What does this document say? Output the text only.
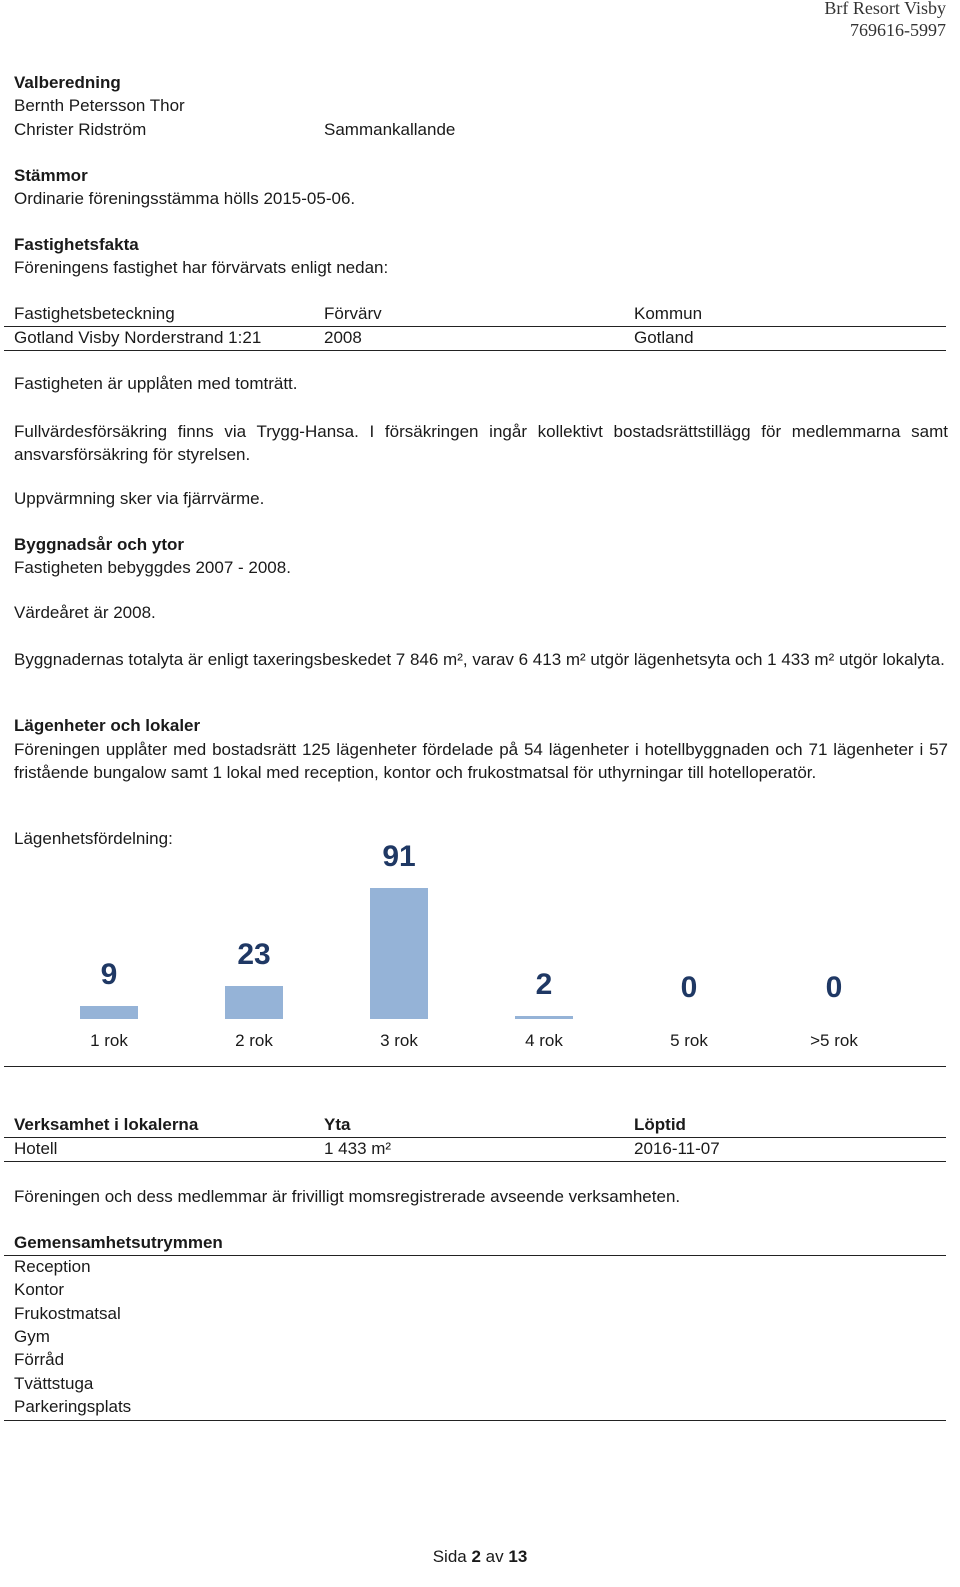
Brf Resort Visby
769616-5997
Valberedning
Bernth Petersson Thor
Christer Ridström	Sammankallande
Stämmor
Ordinarie föreningsstämma hölls 2015-05-06.
Fastighetsfakta
Föreningens fastighet har förvärvats enligt nedan:
Fastighetsbeteckning	Förvärv	Kommun
Gotland Visby Norderstrand 1:21	2008	Gotland
Fastigheten är upplåten med tomträtt.
Fullvärdesförsäkring finns via Trygg-Hansa. I försäkringen ingår kollektivt bostadsrättstillägg för medlemmarna samt ansvarsförsäkring för styrelsen.
Uppvärmning sker via fjärrvärme.
Byggnadsår och ytor
Fastigheten bebyggdes 2007 - 2008.
Värdeåret är 2008.
Byggnadernas totalyta är enligt taxeringsbeskedet 7 846 m², varav 6 413 m² utgör lägenhetsyta och 1 433 m² utgör lokalyta.
Lägenheter och lokaler
Föreningen upplåter med bostadsrätt 125 lägenheter fördelade på 54 lägenheter i hotellbyggnaden och 71 lägenheter i 57 fristående bungalow samt 1 lokal med reception, kontor och frukostmatsal för uthyrningar till hotelloperatör.
Lägenhetsfördelning:
9
1 rok
23
2 rok
91
3 rok
2
4 rok
0
5 rok
0
>5 rok
Verksamhet i lokalerna	Yta	Löptid
Hotell	1 433 m²	2016-11-07
Föreningen och dess medlemmar är frivilligt momsregistrerade avseende verksamheten.
Gemensamhetsutrymmen
Reception
Kontor
Frukostmatsal
Gym
Förråd
Tvättstuga
Parkeringsplats
Sida 2 av 13
